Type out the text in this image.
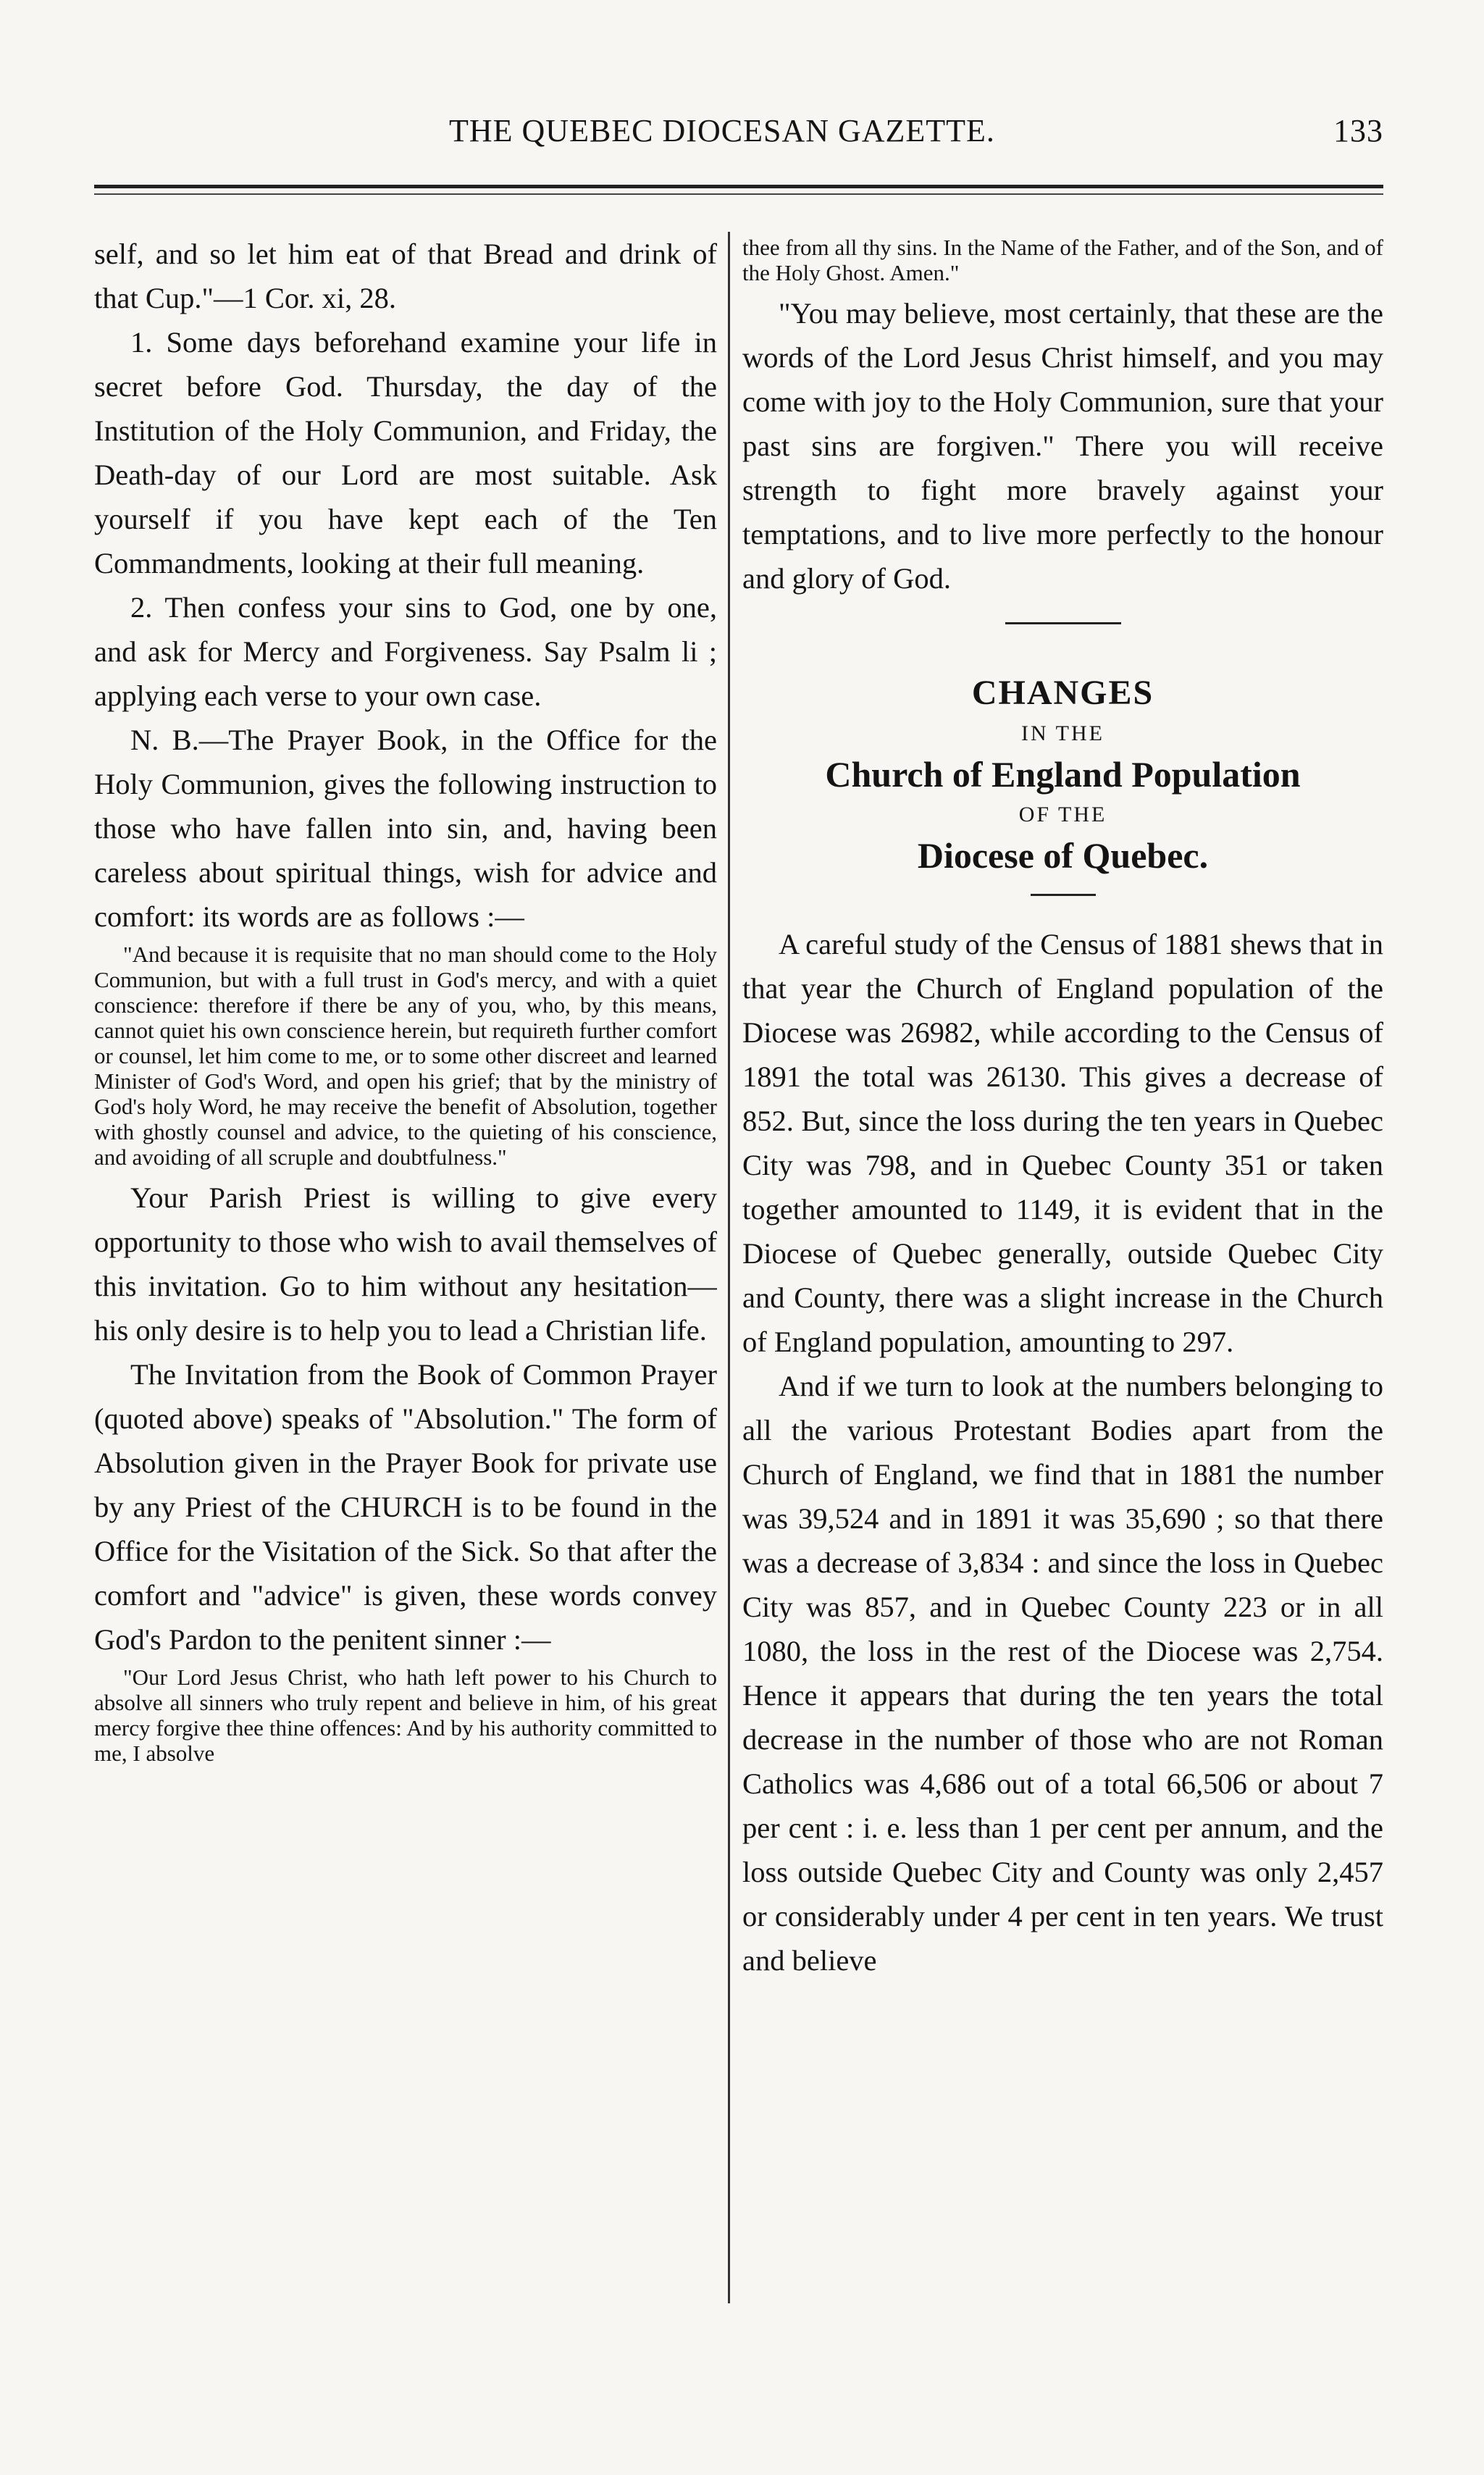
THE QUEBEC DIOCESAN GAZETTE.	133

self, and so let him eat of that Bread and drink of that Cup."—1 Cor. xi, 28.

1. Some days beforehand examine your life in secret before God. Thursday, the day of the Institution of the Holy Communion, and Friday, the Death-day of our Lord are most suitable. Ask yourself if you have kept each of the Ten Commandments, looking at their full meaning.

2. Then confess your sins to God, one by one, and ask for Mercy and Forgiveness. Say Psalm li ; applying each verse to your own case.

N. B.—The Prayer Book, in the Office for the Holy Communion, gives the following instruction to those who have fallen into sin, and, having been careless about spiritual things, wish for advice and comfort: its words are as follows :—

"And because it is requisite that no man should come to the Holy Communion, but with a full trust in God's mercy, and with a quiet conscience: therefore if there be any of you, who, by this means, cannot quiet his own conscience herein, but requireth further comfort or counsel, let him come to me, or to some other discreet and learned Minister of God's Word, and open his grief; that by the ministry of God's holy Word, he may receive the benefit of Absolution, together with ghostly counsel and advice, to the quieting of his conscience, and avoiding of all scruple and doubtfulness."

Your Parish Priest is willing to give every opportunity to those who wish to avail themselves of this invitation. Go to him without any hesitation—his only desire is to help you to lead a Christian life.

The Invitation from the Book of Common Prayer (quoted above) speaks of "Absolution." The form of Absolution given in the Prayer Book for private use by any Priest of the CHURCH is to be found in the Office for the Visitation of the Sick. So that after the comfort and "advice" is given, these words convey God's Pardon to the penitent sinner :—

"Our Lord Jesus Christ, who hath left power to his Church to absolve all sinners who truly repent and believe in him, of his great mercy forgive thee thine offences: And by his authority committed to me, I absolve

thee from all thy sins. In the Name of the Father, and of the Son, and of the Holy Ghost. Amen."

"You may believe, most certainly, that these are the words of the Lord Jesus Christ himself, and you may come with joy to the Holy Communion, sure that your past sins are forgiven." There you will receive strength to fight more bravely against your temptations, and to live more perfectly to the honour and glory of God.

CHANGES
IN THE
Church of England Population
OF THE
Diocese of Quebec.

A careful study of the Census of 1881 shews that in that year the Church of England population of the Diocese was 26982, while according to the Census of 1891 the total was 26130. This gives a decrease of 852. But, since the loss during the ten years in Quebec City was 798, and in Quebec County 351 or taken together amounted to 1149, it is evident that in the Diocese of Quebec generally, outside Quebec City and County, there was a slight increase in the Church of England population, amounting to 297.

And if we turn to look at the numbers belonging to all the various Protestant Bodies apart from the Church of England, we find that in 1881 the number was 39,524 and in 1891 it was 35,690 ; so that there was a decrease of 3,834 : and since the loss in Quebec City was 857, and in Quebec County 223 or in all 1080, the loss in the rest of the Diocese was 2,754. Hence it appears that during the ten years the total decrease in the number of those who are not Roman Catholics was 4,686 out of a total 66,506 or about 7 per cent : i. e. less than 1 per cent per annum, and the loss outside Quebec City and County was only 2,457 or considerably under 4 per cent in ten years. We trust and believe
